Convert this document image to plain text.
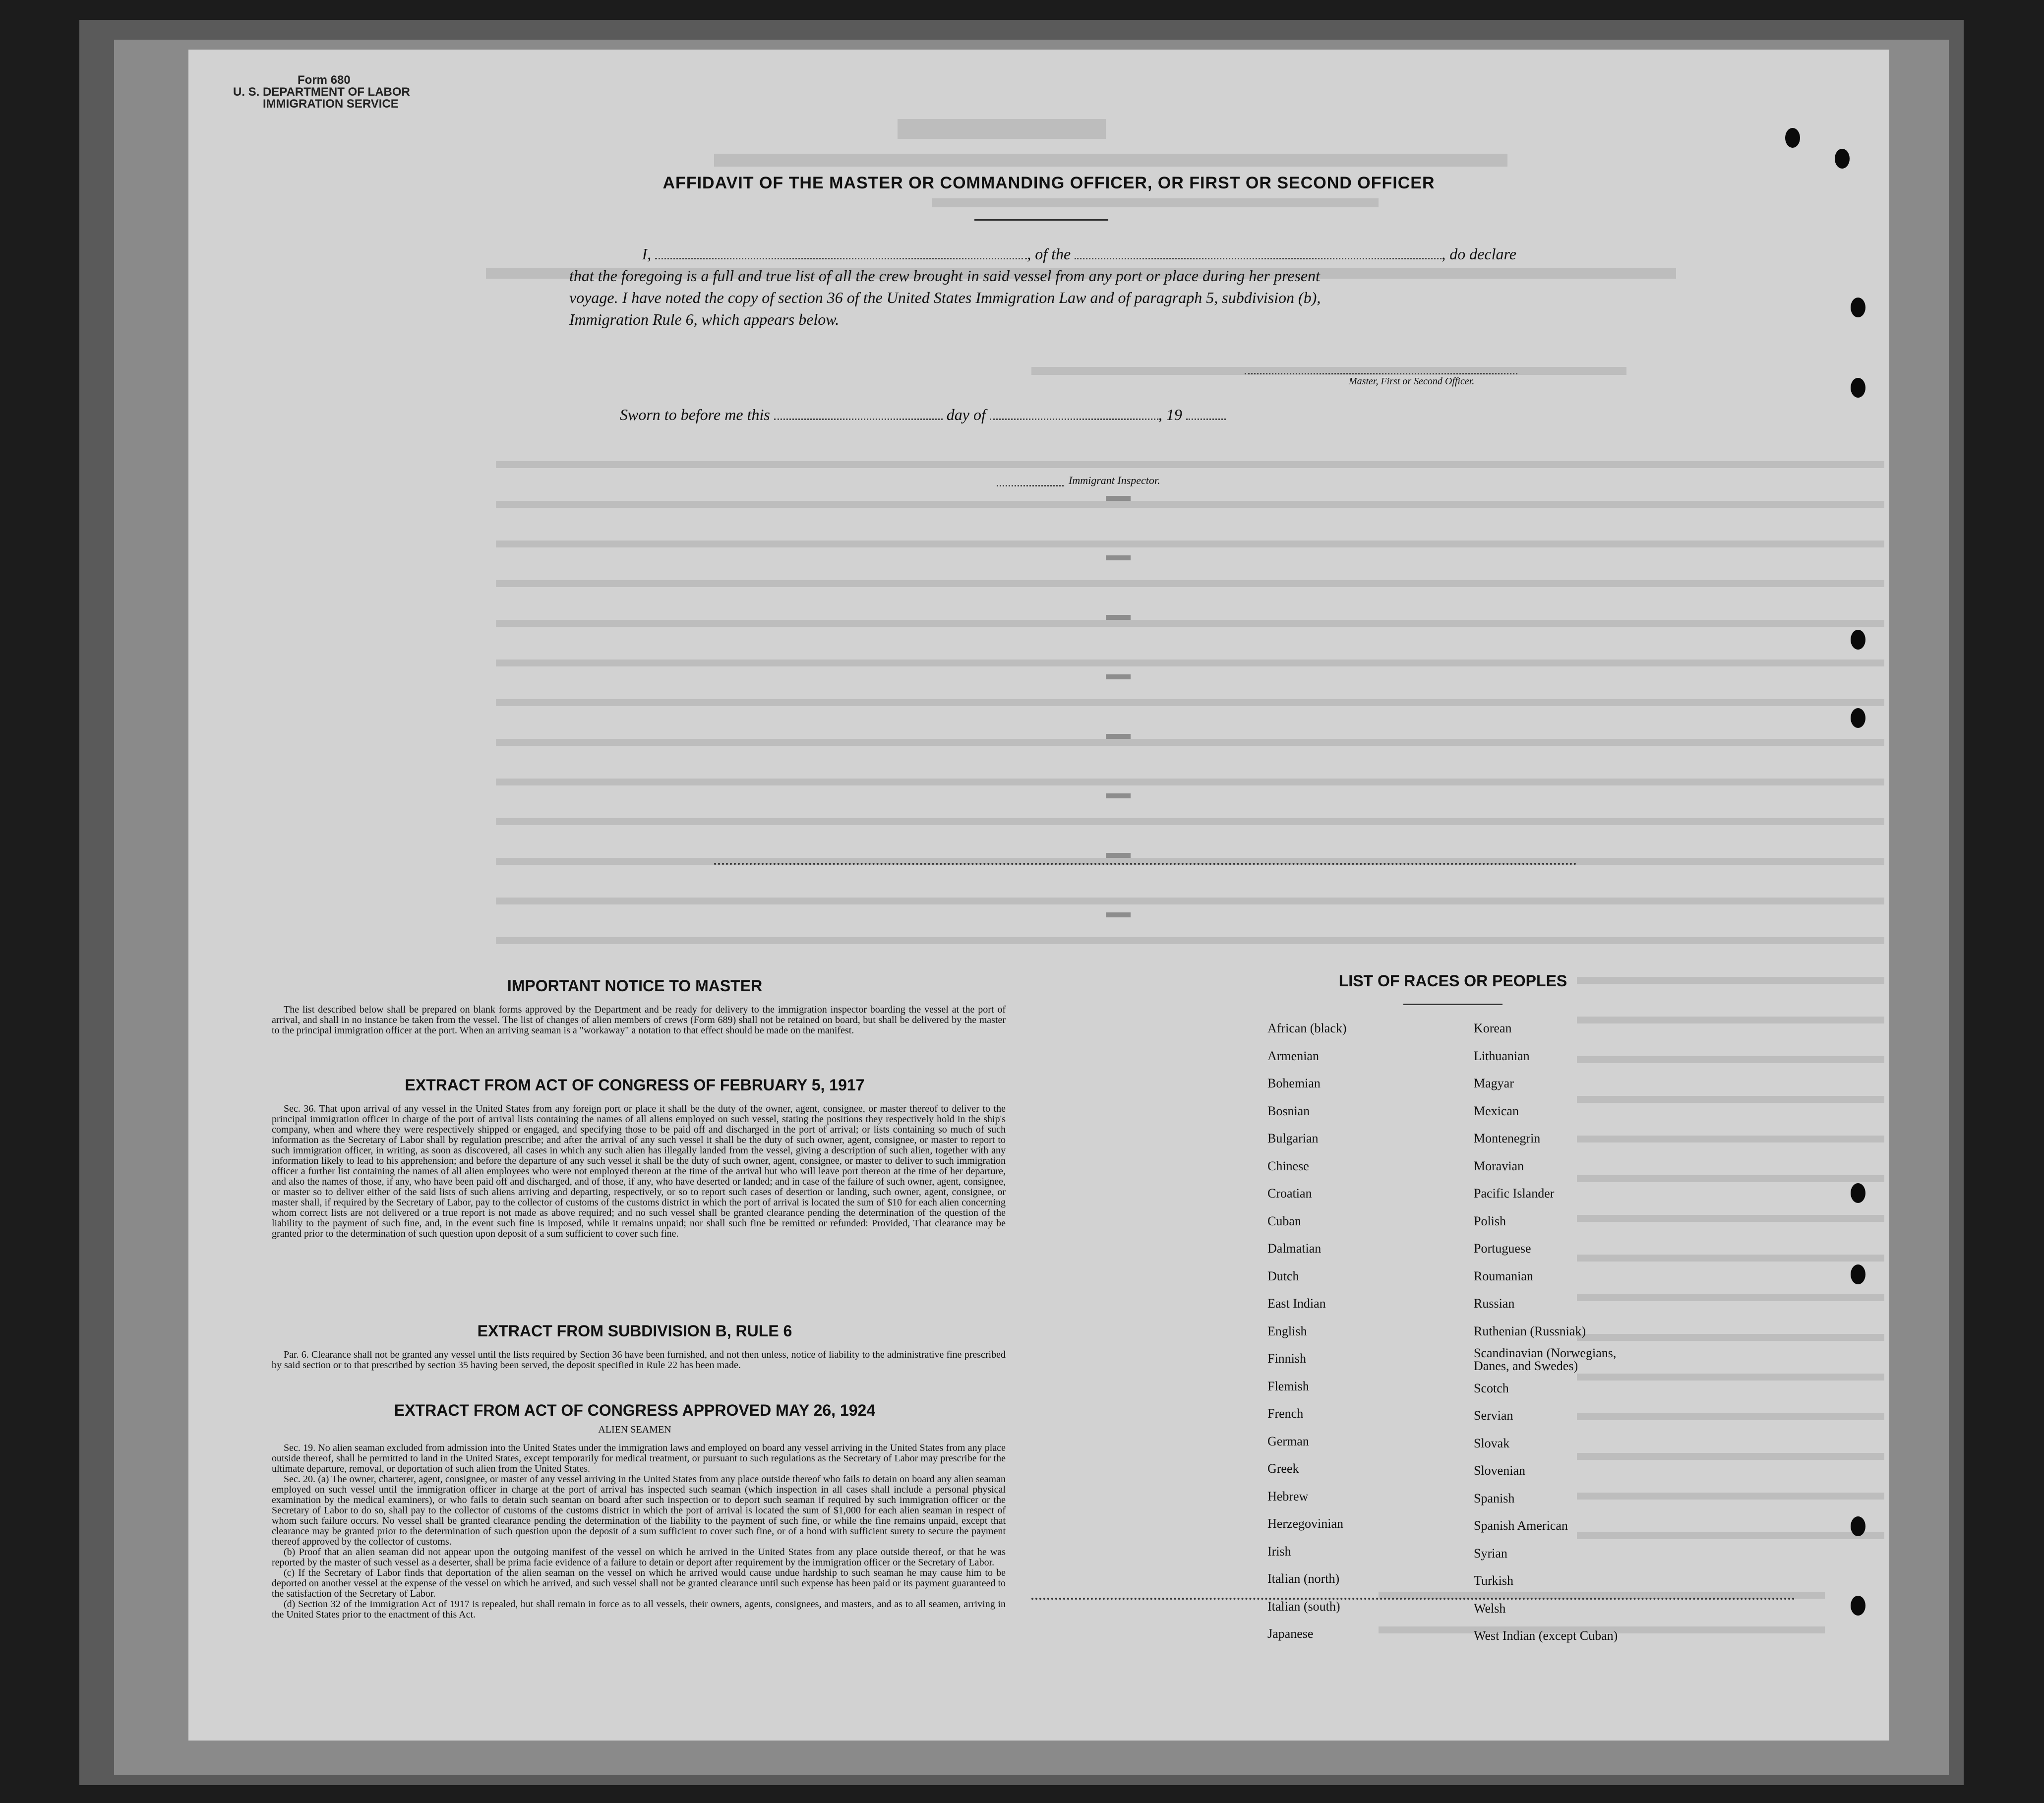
Form 680
U. S. DEPARTMENT OF LABOR
IMMIGRATION SERVICE
AFFIDAVIT OF THE MASTER OR COMMANDING OFFICER, OR FIRST OR SECOND OFFICER
I,	, of the	, do declare
that the foregoing is a full and true list of all the crew brought in said vessel from any port or place during her present
voyage. I have noted the copy of section 36 of the United States Immigration Law and of paragraph 5, subdivision (b),
Immigration Rule 6, which appears below.
Master, First or Second Officer.
Sworn to before me this	day of	, 19
Immigrant Inspector.
IMPORTANT NOTICE TO MASTER

The list described below shall be prepared on blank forms approved by the Department and be ready for delivery to the immigration inspector boarding the vessel at the port of arrival, and shall in no instance be taken from the vessel. The list of changes of alien members of crews (Form 689) shall not be retained on board, but shall be delivered by the master to the principal immigration officer at the port. When an arriving seaman is a "workaway" a notation to that effect should be made on the manifest.

EXTRACT FROM ACT OF CONGRESS OF FEBRUARY 5, 1917

Sec. 36. That upon arrival of any vessel in the United States from any foreign port or place it shall be the duty of the owner, agent, consignee, or master thereof to deliver to the principal immigration officer in charge of the port of arrival lists containing the names of all aliens employed on such vessel, stating the positions they respectively hold in the ship's company, when and where they were respectively shipped or engaged, and specifying those to be paid off and discharged in the port of arrival; or lists containing so much of such information as the Secretary of Labor shall by regulation prescribe; and after the arrival of any such vessel it shall be the duty of such owner, agent, consignee, or master to report to such immigration officer, in writing, as soon as discovered, all cases in which any such alien has illegally landed from the vessel, giving a description of such alien, together with any information likely to lead to his apprehension; and before the departure of any such vessel it shall be the duty of such owner, agent, consignee, or master to deliver to such immigration officer a further list containing the names of all alien employees who were not employed thereon at the time of the arrival but who will leave port thereon at the time of her departure, and also the names of those, if any, who have been paid off and discharged, and of those, if any, who have deserted or landed; and in case of the failure of such owner, agent, consignee, or master so to deliver either of the said lists of such aliens arriving and departing, respectively, or so to report such cases of desertion or landing, such owner, agent, consignee, or master shall, if required by the Secretary of Labor, pay to the collector of customs of the customs district in which the port of arrival is located the sum of $10 for each alien concerning whom correct lists are not delivered or a true report is not made as above required; and no such vessel shall be granted clearance pending the determination of the question of the liability to the payment of such fine, and, in the event such fine is imposed, while it remains unpaid; nor shall such fine be remitted or refunded: Provided, That clearance may be granted prior to the determination of such question upon deposit of a sum sufficient to cover such fine.

EXTRACT FROM SUBDIVISION B, RULE 6

Par. 6. Clearance shall not be granted any vessel until the lists required by Section 36 have been furnished, and not then unless, notice of liability to the administrative fine prescribed by said section or to that prescribed by section 35 having been served, the deposit specified in Rule 22 has been made.

EXTRACT FROM ACT OF CONGRESS APPROVED MAY 26, 1924
ALIEN SEAMEN

Sec. 19. No alien seaman excluded from admission into the United States under the immigration laws and employed on board any vessel arriving in the United States from any place outside thereof, shall be permitted to land in the United States, except temporarily for medical treatment, or pursuant to such regulations as the Secretary of Labor may prescribe for the ultimate departure, removal, or deportation of such alien from the United States.

Sec. 20. (a) The owner, charterer, agent, consignee, or master of any vessel arriving in the United States from any place outside thereof who fails to detain on board any alien seaman employed on such vessel until the immigration officer in charge at the port of arrival has inspected such seaman (which inspection in all cases shall include a personal physical examination by the medical examiners), or who fails to detain such seaman on board after such inspection or to deport such seaman if required by such immigration officer or the Secretary of Labor to do so, shall pay to the collector of customs of the customs district in which the port of arrival is located the sum of $1,000 for each alien seaman in respect of whom such failure occurs. No vessel shall be granted clearance pending the determination of the liability to the payment of such fine, or while the fine remains unpaid, except that clearance may be granted prior to the determination of such question upon the deposit of a sum sufficient to cover such fine, or of a bond with sufficient surety to secure the payment thereof approved by the collector of customs.

(b) Proof that an alien seaman did not appear upon the outgoing manifest of the vessel on which he arrived in the United States from any place outside thereof, or that he was reported by the master of such vessel as a deserter, shall be prima facie evidence of a failure to detain or deport after requirement by the immigration officer or the Secretary of Labor.

(c) If the Secretary of Labor finds that deportation of the alien seaman on the vessel on which he arrived would cause undue hardship to such seaman he may cause him to be deported on another vessel at the expense of the vessel on which he arrived, and such vessel shall not be granted clearance until such expense has been paid or its payment guaranteed to the satisfaction of the Secretary of Labor.

(d) Section 32 of the Immigration Act of 1917 is repealed, but shall remain in force as to all vessels, their owners, agents, consignees, and masters, and as to all seamen, arriving in the United States prior to the enactment of this Act.

LIST OF RACES OR PEOPLES
African (black)
Armenian
Bohemian
Bosnian
Bulgarian
Chinese
Croatian
Cuban
Dalmatian
Dutch
East Indian
English
Finnish
Flemish
French
German
Greek
Hebrew
Herzegovinian
Irish
Italian (north)
Italian (south)
Japanese
Korean
Lithuanian
Magyar
Mexican
Montenegrin
Moravian
Pacific Islander
Polish
Portuguese
Roumanian
Russian
Ruthenian (Russniak)
Scandinavian (Norwegians, Danes, and Swedes)
Scotch
Servian
Slovak
Slovenian
Spanish
Spanish American
Syrian
Turkish
Welsh
West Indian (except Cuban)
